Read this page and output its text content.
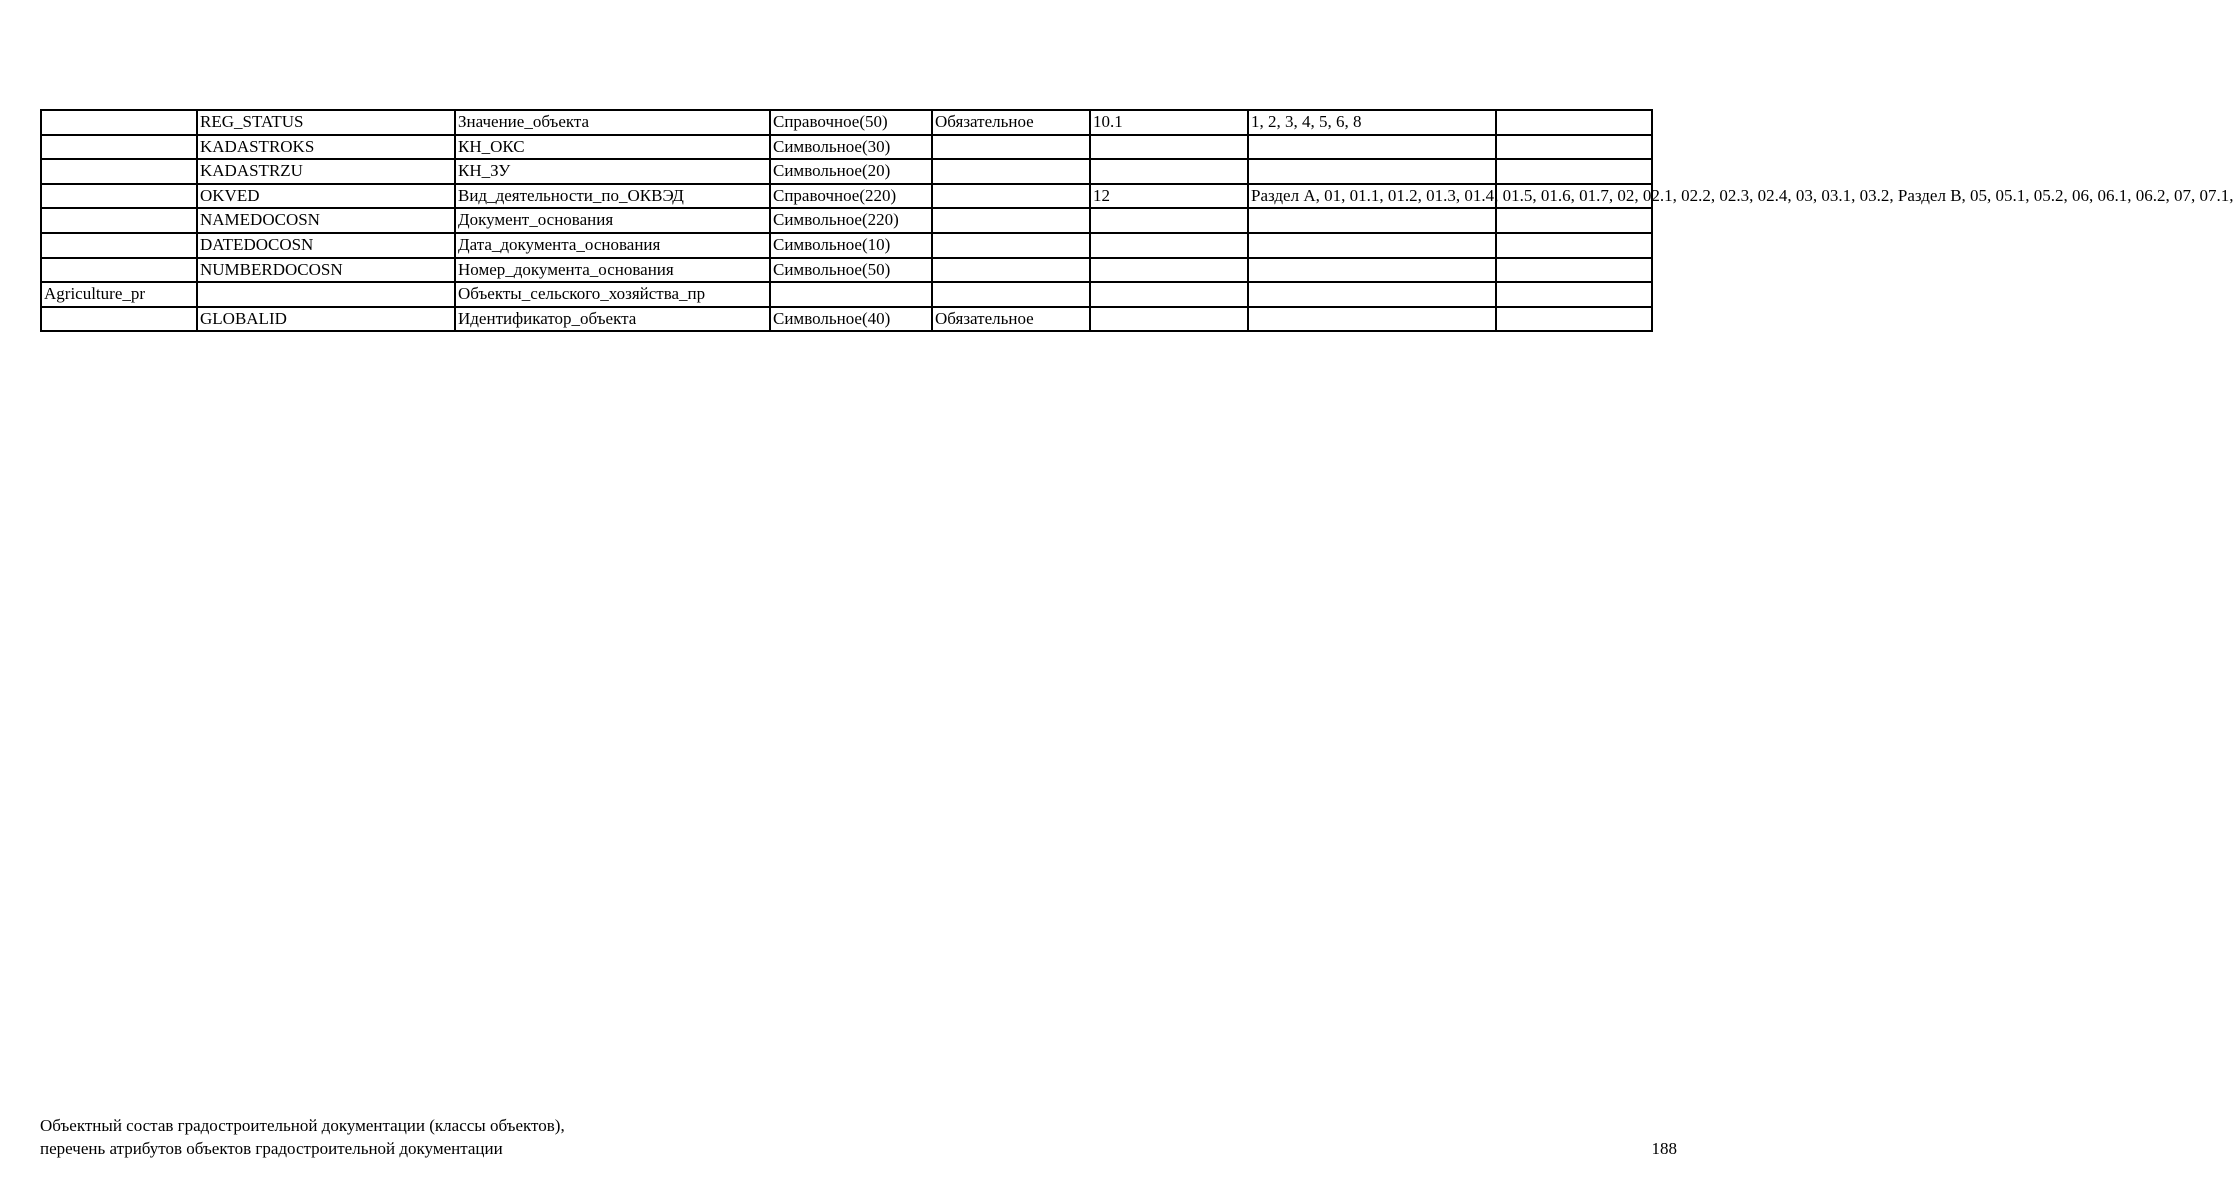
	REG_STATUS	Значение_объекта	Справочное(50)	Обязательное	10.1	1, 2, 3, 4, 5, 6, 8	
	KADASTROKS	КН_ОКС	Символьное(30)				
	KADASTRZU	КН_ЗУ	Символьное(20)				
	OKVED	Вид_деятельности_по_ОКВЭД	Справочное(220)		12	Раздел A, 01, 01.1, 01.2, 01.3, 01.4, 01.5, 01.6, 01.7, 02, 02.1, 02.2, 02.3, 02.4, 03, 03.1, 03.2, Раздел B, 05, 05.1, 05.2, 06, 06.1, 06.2, 07, 07.1,	
	NAMEDOCOSN	Документ_основания	Символьное(220)				
	DATEDOCOSN	Дата_документа_основания	Символьное(10)				
	NUMBERDOCOSN	Номер_документа_основания	Символьное(50)				
Agriculture_pr		Объекты_сельского_хозяйства_пр					
	GLOBALID	Идентификатор_объекта	Символьное(40)	Обязательное			
Объектный состав градостроительной документации (классы объектов),
перечень атрибутов объектов градостроительной документации	188
